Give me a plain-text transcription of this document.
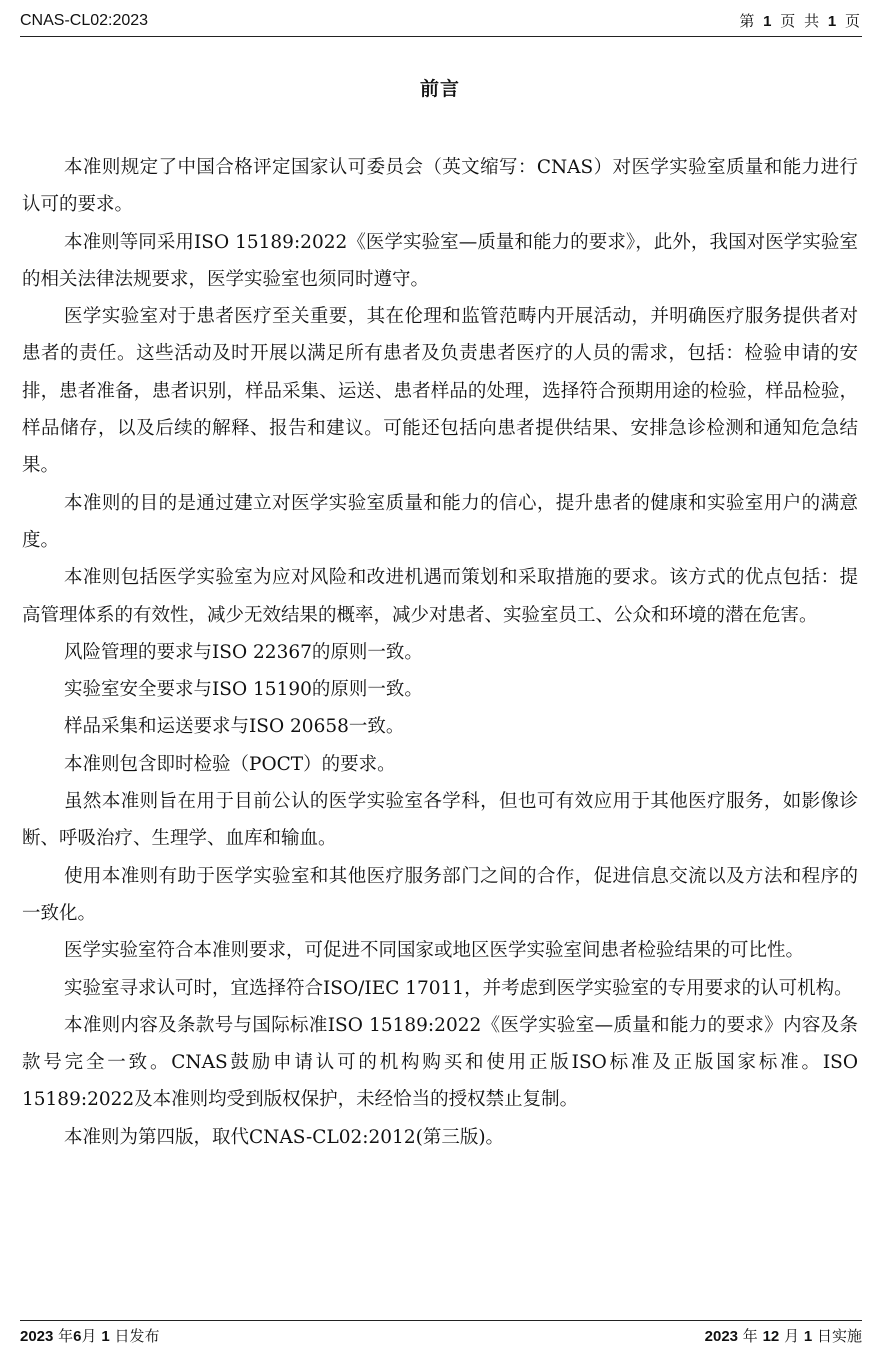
CNAS-CL02:2023	第 1 页 共 1 页
前言

本准则规定了中国合格评定国家认可委员会（英文缩写：CNAS）对医学实验室质量和能力进行认可的要求。

本准则等同采用ISO 15189:2022《医学实验室—质量和能力的要求》，此外，我国对医学实验室的相关法律法规要求，医学实验室也须同时遵守。

医学实验室对于患者医疗至关重要，其在伦理和监管范畴内开展活动，并明确医疗服务提供者对患者的责任。这些活动及时开展以满足所有患者及负责患者医疗的人员的需求，包括：检验申请的安排，患者准备，患者识别，样品采集、运送、患者样品的处理，选择符合预期用途的检验，样品检验，样品储存，以及后续的解释、报告和建议。可能还包括向患者提供结果、安排急诊检测和通知危急结果。

本准则的目的是通过建立对医学实验室质量和能力的信心，提升患者的健康和实验室用户的满意度。

本准则包括医学实验室为应对风险和改进机遇而策划和采取措施的要求。该方式的优点包括：提高管理体系的有效性，减少无效结果的概率，减少对患者、实验室员工、公众和环境的潜在危害。

风险管理的要求与ISO 22367的原则一致。

实验室安全要求与ISO 15190的原则一致。

样品采集和运送要求与ISO 20658一致。

本准则包含即时检验（POCT）的要求。

虽然本准则旨在用于目前公认的医学实验室各学科，但也可有效应用于其他医疗服务，如影像诊断、呼吸治疗、生理学、血库和输血。

使用本准则有助于医学实验室和其他医疗服务部门之间的合作，促进信息交流以及方法和程序的一致化。

医学实验室符合本准则要求，可促进不同国家或地区医学实验室间患者检验结果的可比性。

实验室寻求认可时，宜选择符合ISO/IEC 17011，并考虑到医学实验室的专用要求的认可机构。

本准则内容及条款号与国际标准ISO 15189:2022《医学实验室—质量和能力的要求》内容及条款号完全一致。CNAS鼓励申请认可的机构购买和使用正版ISO标准及正版国家标准。ISO 15189:2022及本准则均受到版权保护，未经恰当的授权禁止复制。

本准则为第四版，取代CNAS-CL02:2012(第三版)。

2023 年6月 1 日发布	2023 年 12 月 1 日实施
